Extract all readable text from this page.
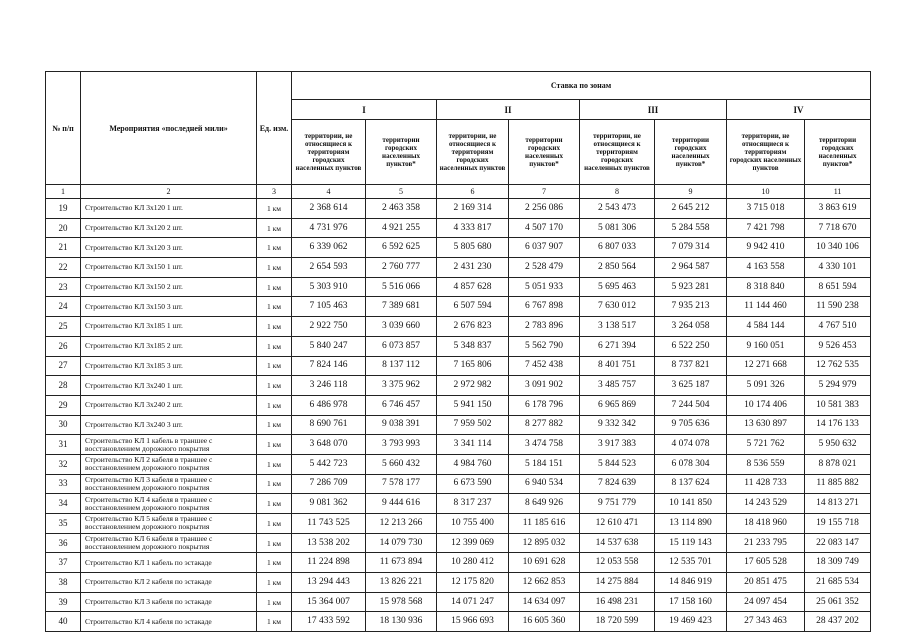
№ п/п	Мероприятия «последней мили»	Ед. изм.	Ставка по зонам							
			I		II		III		IV	
			территории, не относящиеся к территориям городских населенных пунктов	территории городских населенных пунктов*	территории, не относящиеся к территориям городских населенных пунктов	территории городских населенных пунктов*	территории, не относящиеся к территориям городских населенных пунктов	территории городских населенных пунктов*	территории, не относящиеся к территориям городских населенных пунктов	территории городских населенных пунктов*
1	2	3	4	5	6	7	8	9	10	11
19	Строительство КЛ 3х120 1 шт.	1 км	2 368 614	2 463 358	2 169 314	2 256 086	2 543 473	2 645 212	3 715 018	3 863 619
20	Строительство КЛ 3х120 2 шт.	1 км	4 731 976	4 921 255	4 333 817	4 507 170	5 081 306	5 284 558	7 421 798	7 718 670
21	Строительство КЛ 3х120 3 шт.	1 км	6 339 062	6 592 625	5 805 680	6 037 907	6 807 033	7 079 314	9 942 410	10 340 106
22	Строительство КЛ 3х150 1 шт.	1 км	2 654 593	2 760 777	2 431 230	2 528 479	2 850 564	2 964 587	4 163 558	4 330 101
23	Строительство КЛ 3х150 2 шт.	1 км	5 303 910	5 516 066	4 857 628	5 051 933	5 695 463	5 923 281	8 318 840	8 651 594
24	Строительство КЛ 3х150 3 шт.	1 км	7 105 463	7 389 681	6 507 594	6 767 898	7 630 012	7 935 213	11 144 460	11 590 238
25	Строительство КЛ 3х185 1 шт.	1 км	2 922 750	3 039 660	2 676 823	2 783 896	3 138 517	3 264 058	4 584 144	4 767 510
26	Строительство КЛ 3х185 2 шт.	1 км	5 840 247	6 073 857	5 348 837	5 562 790	6 271 394	6 522 250	9 160 051	9 526 453
27	Строительство КЛ 3х185 3 шт.	1 км	7 824 146	8 137 112	7 165 806	7 452 438	8 401 751	8 737 821	12 271 668	12 762 535
28	Строительство КЛ 3х240 1 шт.	1 км	3 246 118	3 375 962	2 972 982	3 091 902	3 485 757	3 625 187	5 091 326	5 294 979
29	Строительство КЛ 3х240 2 шт.	1 км	6 486 978	6 746 457	5 941 150	6 178 796	6 965 869	7 244 504	10 174 406	10 581 383
30	Строительство КЛ 3х240 3 шт.	1 км	8 690 761	9 038 391	7 959 502	8 277 882	9 332 342	9 705 636	13 630 897	14 176 133
31	Строительство КЛ 1 кабель в траншее с восстановлением дорожного покрытия	1 км	3 648 070	3 793 993	3 341 114	3 474 758	3 917 383	4 074 078	5 721 762	5 950 632
32	Строительство КЛ 2 кабеля в траншее с восстановлением дорожного покрытия	1 км	5 442 723	5 660 432	4 984 760	5 184 151	5 844 523	6 078 304	8 536 559	8 878 021
33	Строительство КЛ 3 кабеля в траншее с восстановлением дорожного покрытия	1 км	7 286 709	7 578 177	6 673 590	6 940 534	7 824 639	8 137 624	11 428 733	11 885 882
34	Строительство КЛ 4 кабеля в траншее с восстановлением дорожного покрытия	1 км	9 081 362	9 444 616	8 317 237	8 649 926	9 751 779	10 141 850	14 243 529	14 813 271
35	Строительство КЛ 5 кабеля в траншее с восстановлением дорожного покрытия	1 км	11 743 525	12 213 266	10 755 400	11 185 616	12 610 471	13 114 890	18 418 960	19 155 718
36	Строительство КЛ 6 кабеля в траншее с восстановлением дорожного покрытия	1 км	13 538 202	14 079 730	12 399 069	12 895 032	14 537 638	15 119 143	21 233 795	22 083 147
37	Строительство КЛ 1 кабель по эстакаде	1 км	11 224 898	11 673 894	10 280 412	10 691 628	12 053 558	12 535 701	17 605 528	18 309 749
38	Строительство КЛ 2 кабеля по эстакаде	1 км	13 294 443	13 826 221	12 175 820	12 662 853	14 275 884	14 846 919	20 851 475	21 685 534
39	Строительство КЛ 3 кабеля по эстакаде	1 км	15 364 007	15 978 568	14 071 247	14 634 097	16 498 231	17 158 160	24 097 454	25 061 352
40	Строительство КЛ 4 кабеля по эстакаде	1 км	17 433 592	18 130 936	15 966 693	16 605 360	18 720 599	19 469 423	27 343 463	28 437 202
